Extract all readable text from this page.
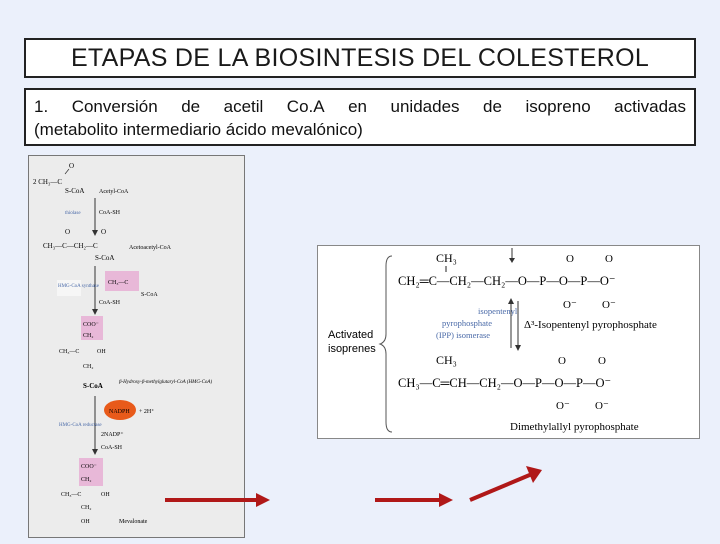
ETAPAS DE LA BIOSINTESIS DEL COLESTEROL
1. Conversión de acetil Co.A en unidades de isopreno activadas
(metabolito intermediario ácido mevalónico)
2 CH₃—C
O
S-CoA Acetyl-CoA
thiolase	CoA-SH
CH₃—C—CH₂—C
O	O
S-CoA
Acetoacetyl-CoA
HMG-CoA synthase
CH₃—C
S-CoA
CoA-SH
COO⁻
CH₂
CH₃—C	OH
CH₂
β-Hydroxy-β-methylglutaryl-CoA (HMG-CoA)
S-CoA
NADPH + 2H⁺
HMG-CoA reductase
2NADP⁺
CoA-SH
COO⁻
CH₂
CH₃—C	OH
CH₂
OH	Mevalonate
Activated
isoprenes
CH₃	O	O
CH₂═C—CH₂—CH₂—O—P—O—P—O⁻
O⁻ O⁻
isopentenyl
pyrophosphate
(IPP) isomerase
Δ³-Isopentenyl pyrophosphate
CH₃	O	O
CH₃—C═CH—CH₂—O—P—O—P—O⁻
O⁻ O⁻
Dimethylallyl pyrophosphate
